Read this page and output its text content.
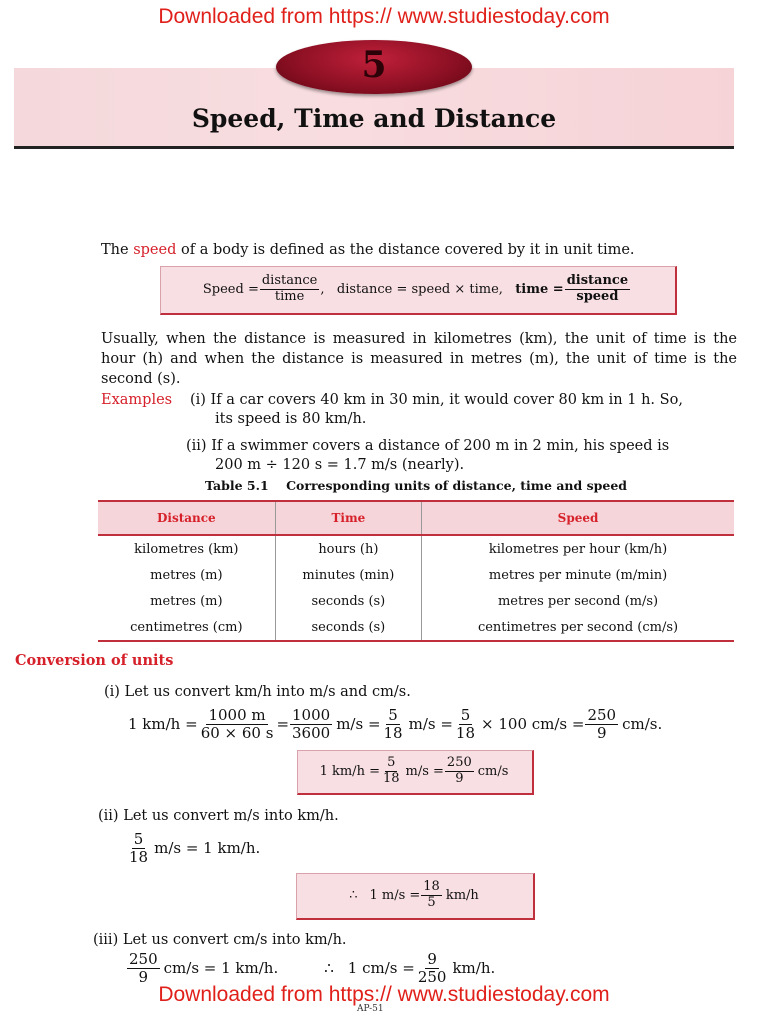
Downloaded from https:// www.studiestoday.com
5
Speed, Time and Distance
The speed of a body is defined as the distance covered by it in unit time.
Speed = $\frac{\text{distance}}{\text{time}}$ ,   distance = speed × time, time = $\frac{\text{distance}}{\text{speed}}$
Usually, when the distance is measured in kilometres (km), the unit of time is the hour (h) and when the distance is measured in metres (m), the unit of time is the second (s).
Examples (i) If a car covers 40 km in 30 min, it would cover 80 km in 1 h. So,
its speed is 80 km/h.
(ii) If a swimmer covers a distance of 200 m in 2 min, his speed is
200 m ÷ 120 s = 1.7 m/s (nearly).
Table 5.1    Corresponding units of distance, time and speed
Distance	Time	Speed
kilometres (km)	hours (h)	kilometres per hour (km/h)
metres (m)	minutes (min)	metres per minute (m/min)
metres (m)	seconds (s)	metres per second (m/s)
centimetres (cm)	seconds (s)	centimetres per second (cm/s)
Conversion of units
(i) Let us convert km/h into m/s and cm/s.
1 $km/h = \frac{1000 m}{60 \times 60 s} = \frac{1000}{3600} m/s = \frac{5}{18} m/s = \frac{5}{18} \times 100$ $cm/s = \frac{250}{9} cm/s$.
1 $km/h = \frac{5}{18} m/s = \frac{250}{9} cm/s$
(ii) Let us convert m/s into km/h.
$\frac{5}{18} m/s = 1$ km/h.
∴ 1 $m/s = \frac{18}{5} km/h$
(iii) Let us convert cm/s into km/h.
$\frac{250}{9} cm/s = 1$ km/h.	∴ 1 $cm/s = \frac{9}{250} km/h$.
AP-51
Downloaded from https:// www.studiestoday.com
